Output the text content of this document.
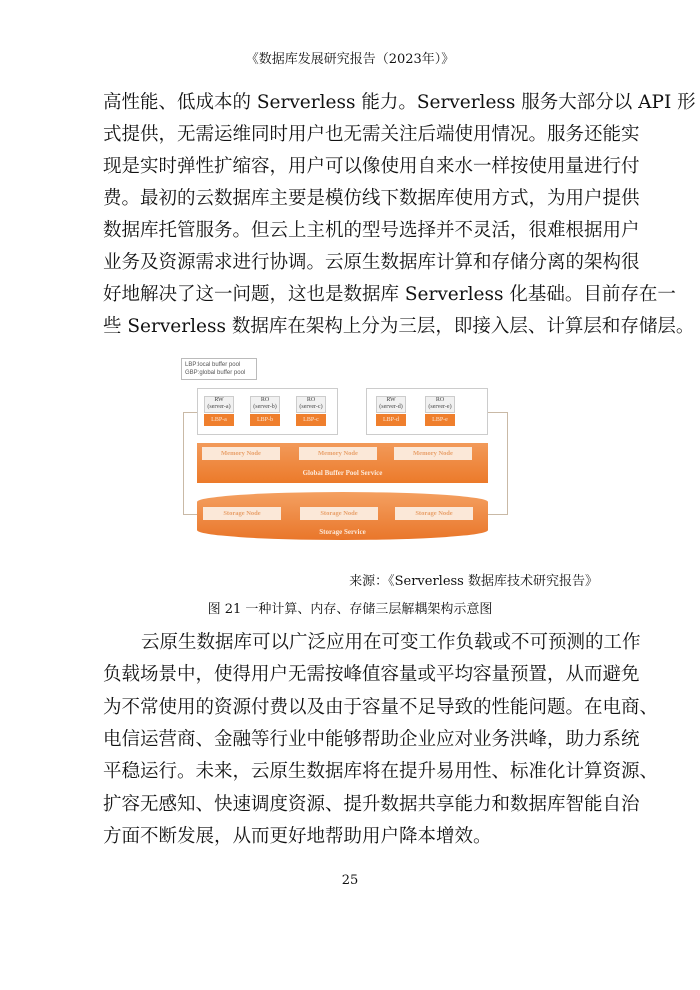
《数据库发展研究报告（2023年）》
高性能、低成本的 Serverless 能力。Serverless 服务大部分以 API 形
式提供，无需运维同时用户也无需关注后端使用情况。服务还能实
现是实时弹性扩缩容，用户可以像使用自来水一样按使用量进行付
费。最初的云数据库主要是模仿线下数据库使用方式，为用户提供
数据库托管服务。但云上主机的型号选择并不灵活，很难根据用户
业务及资源需求进行协调。云原生数据库计算和存储分离的架构很
好地解决了这一问题，这也是数据库 Serverless 化基础。目前存在一
些 Serverless 数据库在架构上分为三层，即接入层、计算层和存储层。
LBP:local buffer pool
GBP:global buffer pool
RW
(server-a)
LBP-a
RO
(server-b)
LBP-b
RO
(server-c)
LBP-c
RW
(server-d)
LBP-d
RO
(server-e)
LBP-e
Global Buffer Pool Service
Memory Node	Memory Node	Memory Node
Storage Service
Storage Node	Storage Node	Storage Node
来源：《Serverless 数据库技术研究报告》
图 21 一种计算、内存、存储三层解耦架构示意图
云原生数据库可以广泛应用在可变工作负载或不可预测的工作
负载场景中，使得用户无需按峰值容量或平均容量预置，从而避免
为不常使用的资源付费以及由于容量不足导致的性能问题。在电商、
电信运营商、金融等行业中能够帮助企业应对业务洪峰，助力系统
平稳运行。未来，云原生数据库将在提升易用性、标准化计算资源、
扩容无感知、快速调度资源、提升数据共享能力和数据库智能自治
方面不断发展，从而更好地帮助用户降本增效。
25
